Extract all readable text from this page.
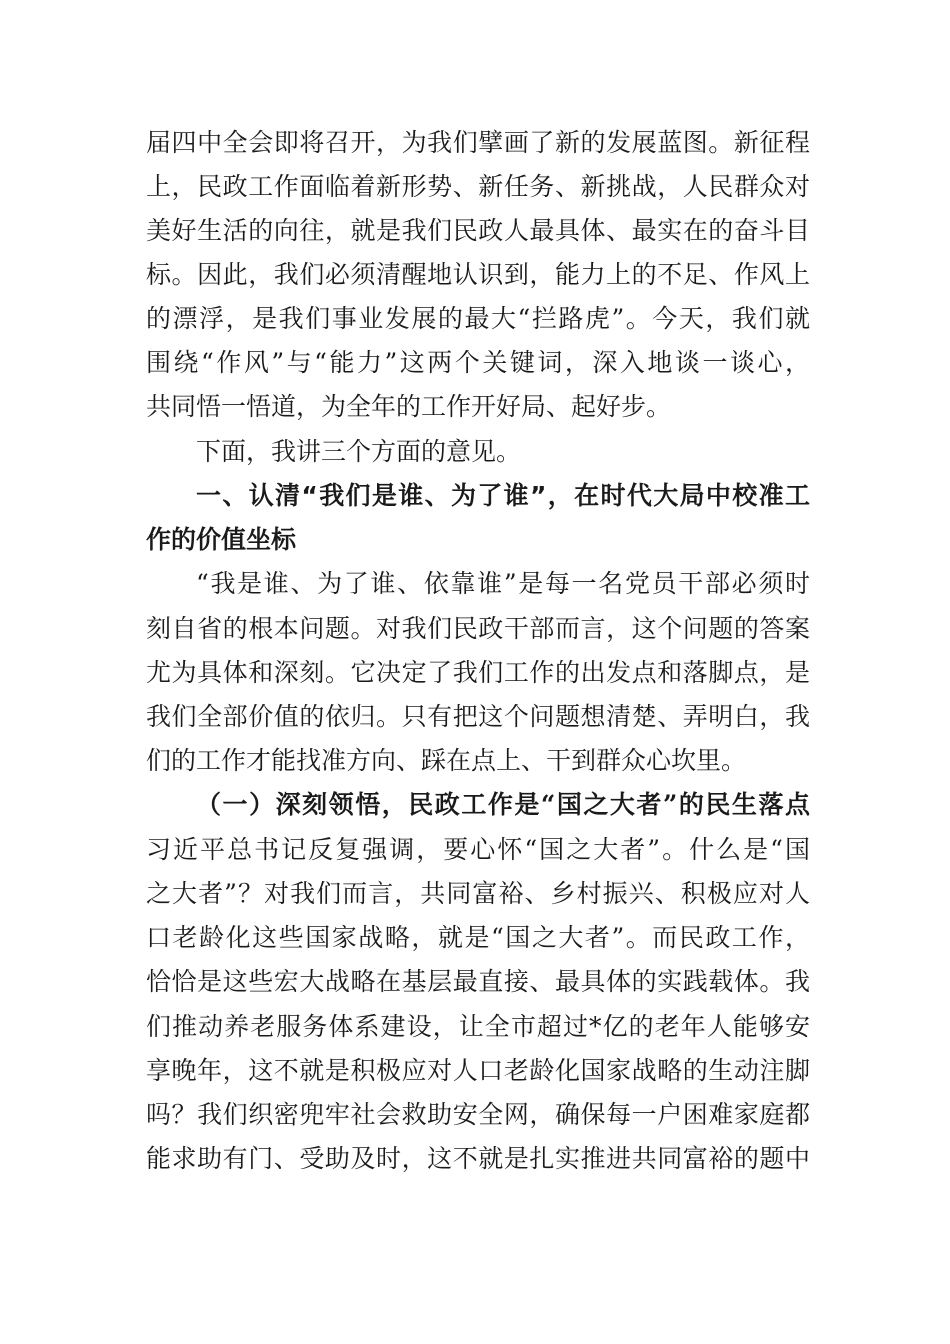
届四中全会即将召开，为我们擘画了新的发展蓝图。新征程
上，民政工作面临着新形势、新任务、新挑战，人民群众对
美好生活的向往，就是我们民政人最具体、最实在的奋斗目
标。因此，我们必须清醒地认识到，能力上的不足、作风上
的漂浮，是我们事业发展的最大“拦路虎”。今天，我们就
围绕“作风”与“能力”这两个关键词，深入地谈一谈心，
共同悟一悟道，为全年的工作开好局、起好步。
下面，我讲三个方面的意见。
一、认清“我们是谁、为了谁”，在时代大局中校准工
作的价值坐标
“我是谁、为了谁、依靠谁”是每一名党员干部必须时
刻自省的根本问题。对我们民政干部而言，这个问题的答案
尤为具体和深刻。它决定了我们工作的出发点和落脚点，是
我们全部价值的依归。只有把这个问题想清楚、弄明白，我
们的工作才能找准方向、踩在点上、干到群众心坎里。
（一）深刻领悟，民政工作是“国之大者”的民生落点
习近平总书记反复强调，要心怀“国之大者”。什么是“国
之大者”？对我们而言，共同富裕、乡村振兴、积极应对人
口老龄化这些国家战略，就是“国之大者”。而民政工作，
恰恰是这些宏大战略在基层最直接、最具体的实践载体。我
们推动养老服务体系建设，让全市超过*亿的老年人能够安
享晚年，这不就是积极应对人口老龄化国家战略的生动注脚
吗？我们织密兜牢社会救助安全网，确保每一户困难家庭都
能求助有门、受助及时，这不就是扎实推进共同富裕的题中
